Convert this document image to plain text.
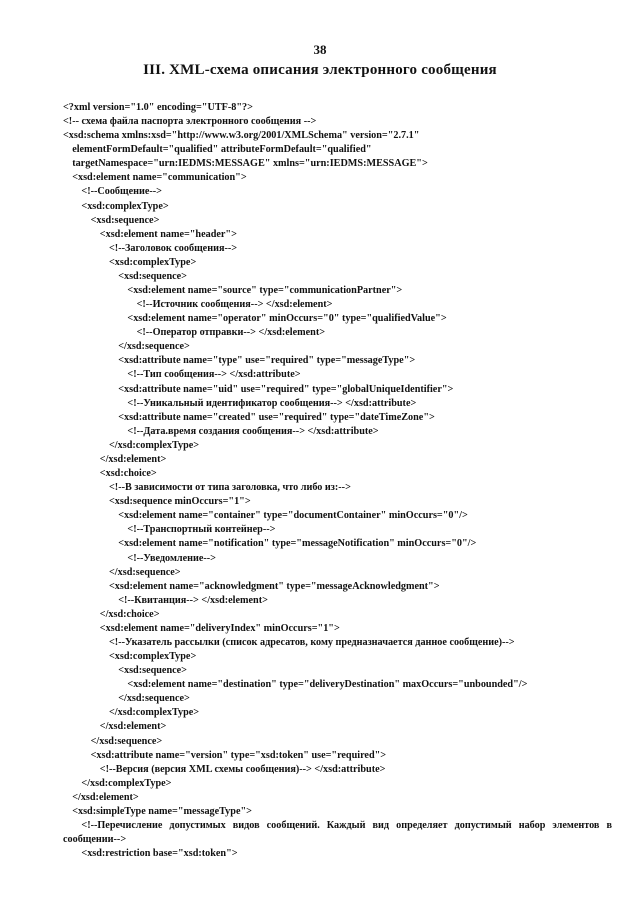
38
III. XML-схема описания электронного сообщения
<?xml version="1.0" encoding="UTF-8"?>
<!-- схема файла паспорта электронного сообщения -->
<xsd:schema xmlns:xsd="http://www.w3.org/2001/XMLSchema" version="2.7.1"
elementFormDefault="qualified" attributeFormDefault="qualified"
targetNamespace="urn:IEDMS:MESSAGE" xmlns="urn:IEDMS:MESSAGE">
<xsd:element name="communication">
<!--Сообщение-->
<xsd:complexType>
<xsd:sequence>
<xsd:element name="header">
<!--Заголовок сообщения-->
<xsd:complexType>
<xsd:sequence>
<xsd:element name="source" type="communicationPartner">
<!--Источник сообщения--> </xsd:element>
<xsd:element name="operator" minOccurs="0" type="qualifiedValue">
<!--Оператор отправки--> </xsd:element>
</xsd:sequence>
<xsd:attribute name="type" use="required" type="messageType">
<!--Тип сообщения--> </xsd:attribute>
<xsd:attribute name="uid" use="required" type="globalUniqueIdentifier">
<!--Уникальный идентификатор сообщения--> </xsd:attribute>
<xsd:attribute name="created" use="required" type="dateTimeZone">
<!--Дата.время создания сообщения--> </xsd:attribute>
</xsd:complexType>
</xsd:element>
<xsd:choice>
<!--В зависимости от типа заголовка, что либо из:-->
<xsd:sequence minOccurs="1">
<xsd:element name="container" type="documentContainer" minOccurs="0"/>
<!--Транспортный контейнер-->
<xsd:element name="notification" type="messageNotification" minOccurs="0"/>
<!--Уведомление-->
</xsd:sequence>
<xsd:element name="acknowledgment" type="messageAcknowledgment">
<!--Квитанция--> </xsd:element>
</xsd:choice>
<xsd:element name="deliveryIndex" minOccurs="1">
<!--Указатель рассылки (список адресатов, кому предназначается данное сообщение)-->
<xsd:complexType>
<xsd:sequence>
<xsd:element name="destination" type="deliveryDestination" maxOccurs="unbounded"/>
</xsd:sequence>
</xsd:complexType>
</xsd:element>
</xsd:sequence>
<xsd:attribute name="version" type="xsd:token" use="required">
<!--Версия (версия XML схемы сообщения)--> </xsd:attribute>
</xsd:complexType>
</xsd:element>
<xsd:simpleType name="messageType">
<!--Перечисление допустимых видов сообщений. Каждый вид определяет допустимый набор элементов в
сообщении-->
<xsd:restriction base="xsd:token">
